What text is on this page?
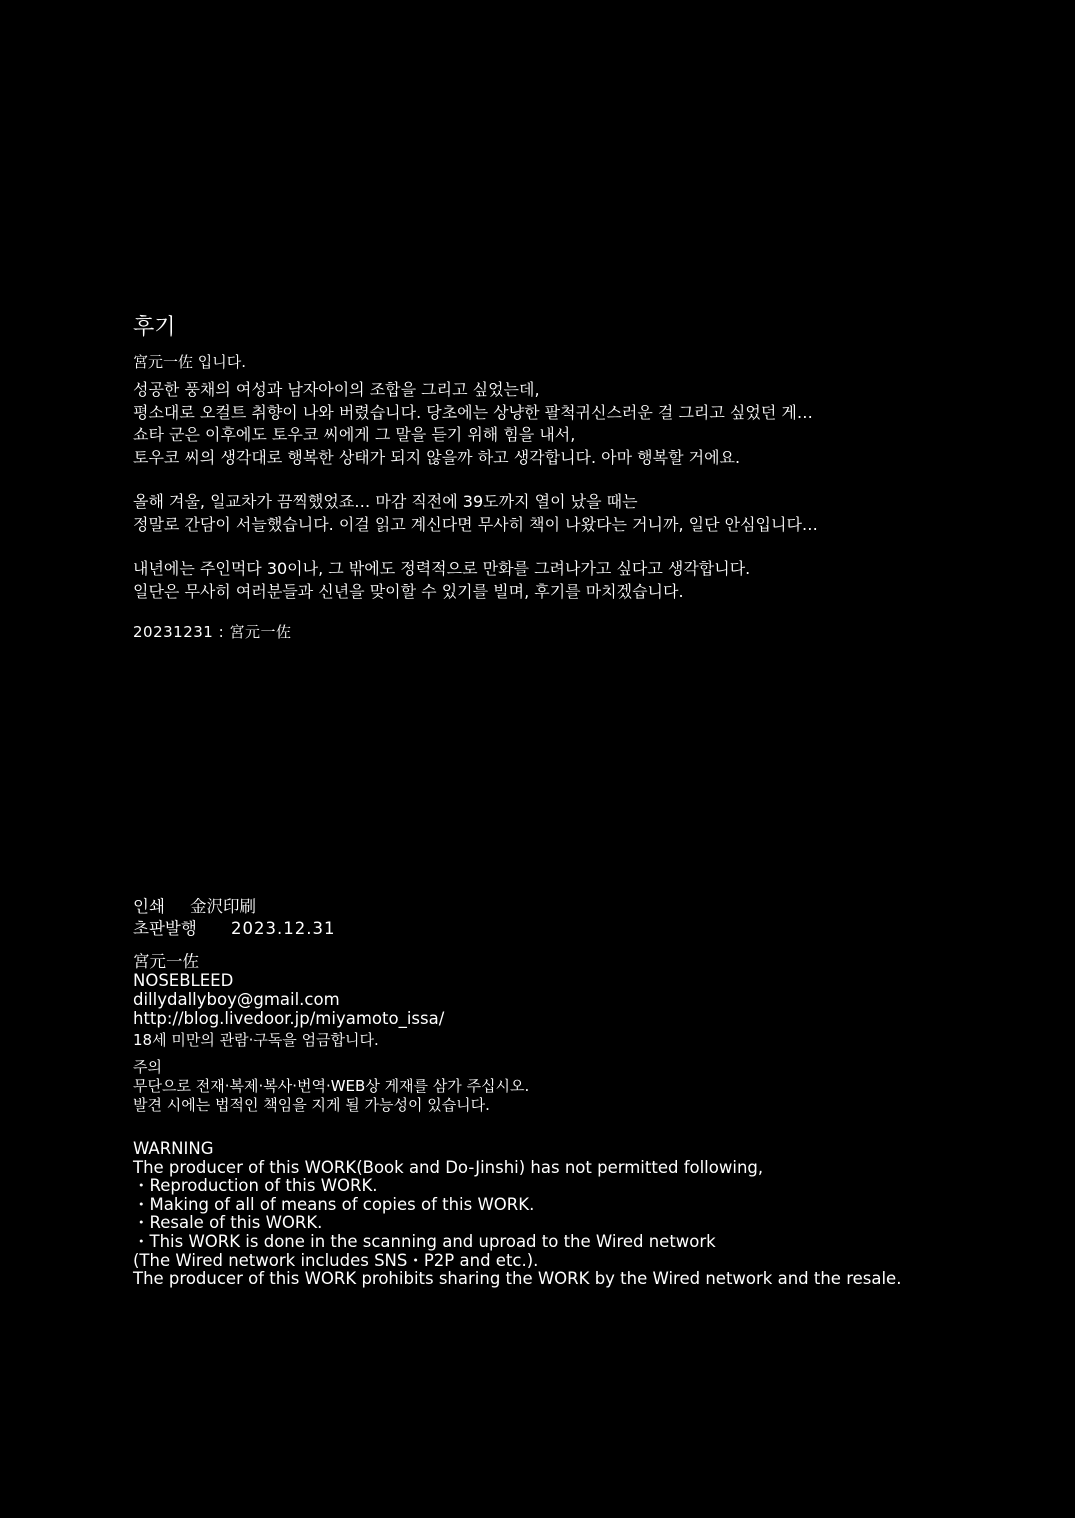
후기
宮元一佐 입니다.
성공한 풍채의 여성과 남자아이의 조합을 그리고 싶었는데,
평소대로 오컬트 취향이 나와 버렸습니다. 당초에는 상냥한 팔척귀신스러운 걸 그리고 싶었던 게…
쇼타 군은 이후에도 토우코 씨에게 그 말을 듣기 위해 힘을 내서,
토우코 씨의 생각대로 행복한 상태가 되지 않을까 하고 생각합니다. 아마 행복할 거에요.
올해 겨울, 일교차가 끔찍했었죠… 마감 직전에 39도까지 열이 났을 때는
정말로 간담이 서늘했습니다. 이걸 읽고 계신다면 무사히 책이 나왔다는 거니까, 일단 안심입니다…
내년에는 주인먹다 30이나, 그 밖에도 정력적으로 만화를 그려나가고 싶다고 생각합니다.
일단은 무사히 여러분들과 신년을 맞이할 수 있기를 빌며, 후기를 마치겠습니다.
20231231 : 宮元一佐
인쇄	金沢印刷
초판발행	2023.12.31
宮元一佐
NOSEBLEED
dillydallyboy@gmail.com
http://blog.livedoor.jp/miyamoto_issa/
18세 미만의 관람·구독을 엄금합니다.
주의
무단으로 전재·복제·복사·번역·WEB상 게재를 삼가 주십시오.
발견 시에는 법적인 책임을 지게 될 가능성이 있습니다.
WARNING
The producer of this WORK(Book and Do-Jinshi) has not permitted following,
・Reproduction of this WORK.
・Making of all of means of copies of this WORK.
・Resale of this WORK.
・This WORK is done in the scanning and uproad to the Wired network
(The Wired network includes SNS・P2P and etc.).
The producer of this WORK prohibits sharing the WORK by the Wired network and the resale.
